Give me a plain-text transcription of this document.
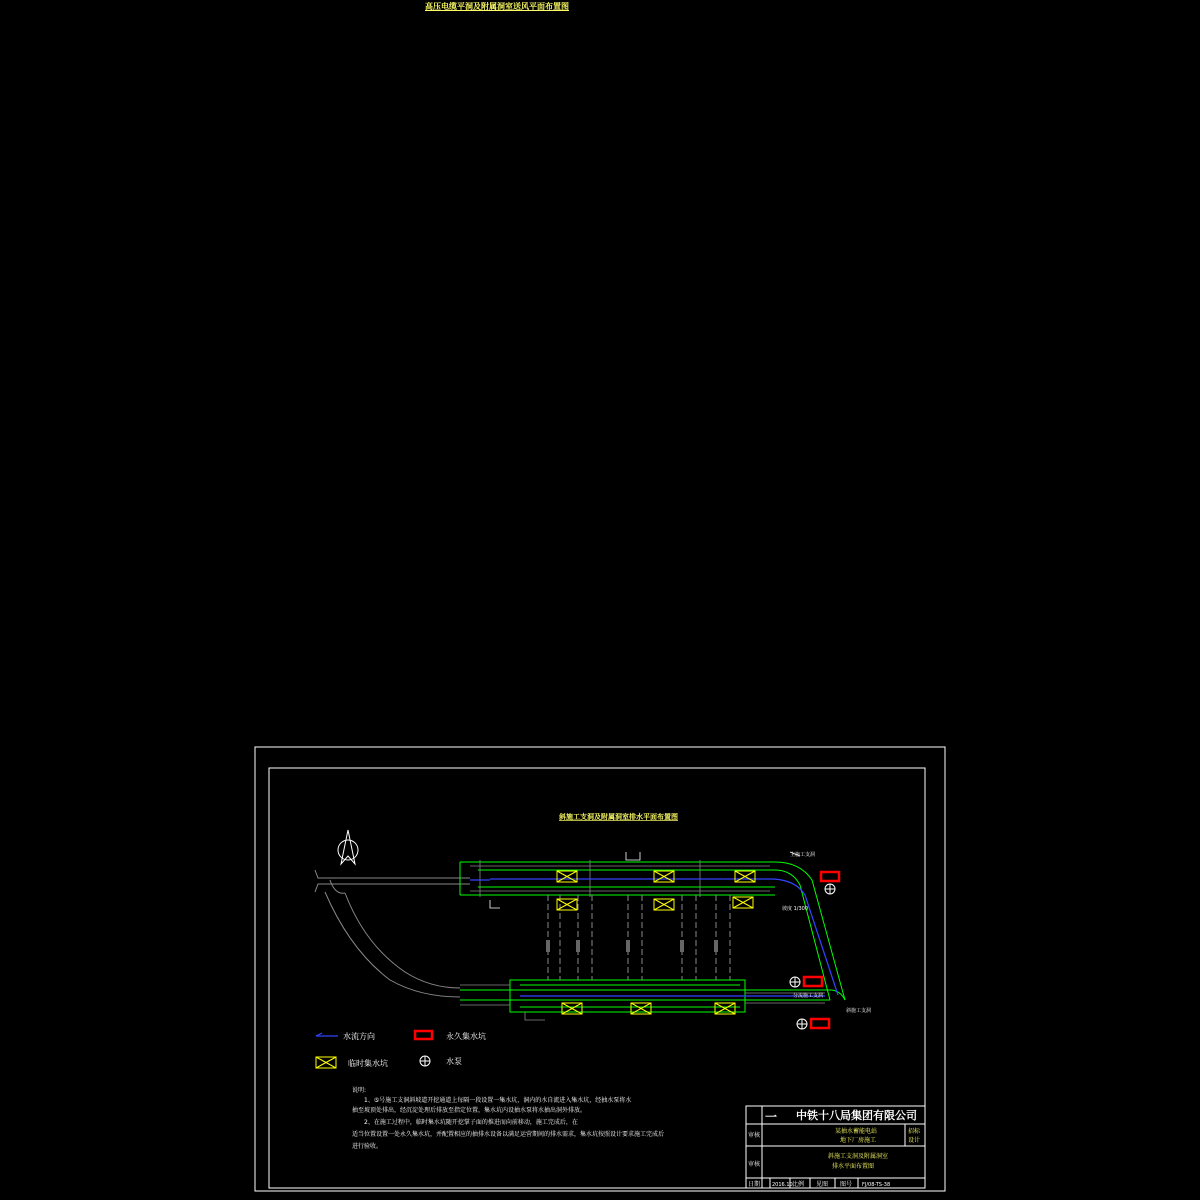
高压电缆平洞及附属洞室送风平面布置图
斜施工支洞及附属洞室排水平面布置图
主施工支洞
坡度 1/300
分流施工支洞
斜施工支洞
水流方向	永久集水坑
临时集水坑	水泵
说明:
1、⑤号施工支洞斜坡道开挖通道上每隔一段设置一集水坑，洞内的水自流进入集水坑，经抽水泵将水
抽至坡顶处排出，经沉淀处理后排放至指定位置，集水坑内设抽水泵将水抽出洞外排放。
2、在施工过程中，临时集水坑随开挖掌子面的推进而向前移动，施工完成后，在
适当位置设置一处永久集水坑，并配置相应的抽排水设备以满足运营期间的排水需求，集水坑按照设计要求施工完成后
进行验收。
一 中铁十八局集团有限公司
某抽水蓄能电站
地下厂房施工
招标
设计
审核
审核
斜施工支洞及附属洞室
排水平面布置图
日期 2016.10 比例 见图 图号 FJ/08-TS-38
